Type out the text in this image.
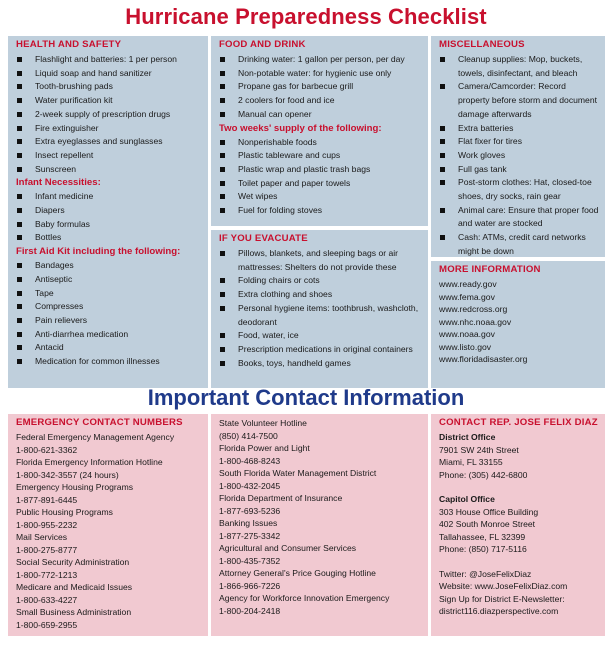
Hurricane Preparedness Checklist
HEALTH AND SAFETY
Flashlight and batteries: 1 per person
Liquid soap and hand sanitizer
Tooth-brushing pads
Water purification kit
2-week supply of prescription drugs
Fire extinguisher
Extra eyeglasses and sunglasses
Insect repellent
Sunscreen
Infant Necessities:
Infant medicine
Diapers
Baby formulas
Bottles
First Aid Kit including the following:
Bandages
Antiseptic
Tape
Compresses
Pain relievers
Anti-diarrhea medication
Antacid
Medication for common illnesses
FOOD AND DRINK
Drinking water: 1 gallon per person, per day
Non-potable water: for hygienic use only
Propane gas for barbecue grill
2 coolers for food and ice
Manual can opener
Two weeks' supply of the following:
Nonperishable foods
Plastic tableware and cups
Plastic wrap and plastic trash bags
Toilet paper and paper towels
Wet wipes
Fuel for folding stoves
IF YOU EVACUATE
Pillows, blankets, and sleeping bags or air mattresses: Shelters do not provide these
Folding chairs or cots
Extra clothing and shoes
Personal hygiene items: toothbrush, washcloth, deodorant
Food, water, ice
Prescription medications in original containers
Books, toys, handheld games
MISCELLANEOUS
Cleanup supplies: Mop, buckets, towels, disinfectant, and bleach
Camera/Camcorder: Record property before storm and document damage afterwards
Extra batteries
Flat fixer for tires
Work gloves
Full gas tank
Post-storm clothes: Hat, closed-toe shoes, dry socks, rain gear
Animal care: Ensure that proper food and water are stocked
Cash: ATMs, credit card networks might be down
MORE INFORMATION
www.ready.gov
www.fema.gov
www.redcross.org
www.nhc.noaa.gov
www.noaa.gov
www.listo.gov
www.floridadisaster.org
Important Contact Information
EMERGENCY CONTACT NUMBERS
Federal Emergency Management Agency
1-800-621-3362
Florida Emergency Information Hotline
1-800-342-3557 (24 hours)
Emergency Housing Programs
1-877-891-6445
Public Housing Programs
1-800-955-2232
Mail Services
1-800-275-8777
Social Security Administration
1-800-772-1213
Medicare and Medicaid Issues
1-800-633-4227
Small Business Administration
1-800-659-2955
State Volunteer Hotline
(850) 414-7500
Florida Power and Light
1-800-468-8243
South Florida Water Management District
1-800-432-2045
Florida Department of Insurance
1-877-693-5236
Banking Issues
1-877-275-3342
Agricultural and Consumer Services
1-800-435-7352
Attorney General's Price Gouging Hotline
1-866-966-7226
Agency for Workforce Innovation Emergency
1-800-204-2418
CONTACT REP. JOSE FELIX DIAZ
District Office
7901 SW 24th Street
Miami, FL 33155
Phone: (305) 442-6800
Capitol Office
303 House Office Building
402 South Monroe Street
Tallahassee, FL 32399
Phone: (850) 717-5116
Twitter: @JoseFelixDiaz
Website: www.JoseFelixDiaz.com
Sign Up for District E-Newsletter:
district116.diazperspective.com
